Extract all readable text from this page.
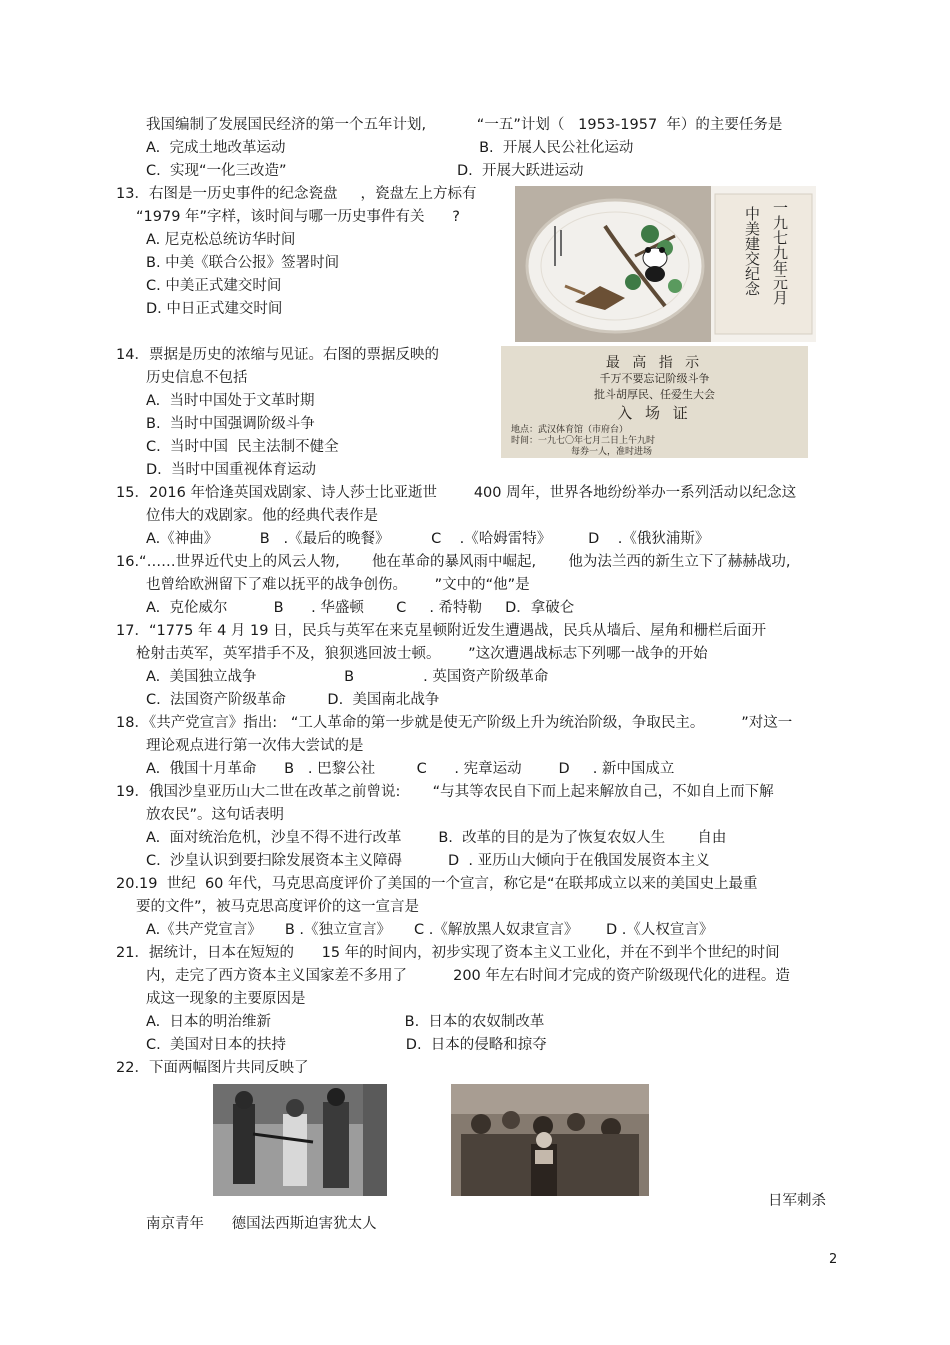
我国编制了发展国民经济的第一个五年计划,           “一五”计划（   1953-1957  年）的主要任务是
A.  完成土地改革运动                                          B.  开展人民公社化运动
C.  实现“一化三改造”                                     D.  开展大跃进运动
13．右图是一历史事件的纪念瓷盘     ，瓷盘左上方标有
“1979 年”字样，该时间与哪一历史事件有关      ?
A. 尼克松总统访华时间
B. 中美《联合公报》签署时间
C. 中美正式建交时间
D. 中日正式建交时间
14．票据是历史的浓缩与见证。右图的票据反映的
历史信息不包括
A.  当时中国处于文革时期
B.  当时中国强调阶级斗争
C.  当时中国  民主法制不健全
D.  当时中国重视体育运动
15．2016 年恰逢英国戏剧家、诗人莎士比亚逝世        400 周年，世界各地纷纷举办一系列活动以纪念这
位伟大的戏剧家。他的经典代表作是
A.《神曲》         B   .《最后的晚餐》         C    .《哈姆雷特》        D    .《俄狄浦斯》
16.“……世界近代史上的风云人物,       他在革命的暴风雨中崛起,       他为法兰西的新生立下了赫赫战功,
也曾给欧洲留下了难以抚平的战争创伤。      ”文中的“他”是
A.  克伦威尔          B      . 华盛顿       C     . 希特勒     D．拿破仑
17．“1775 年 4 月 19 日，民兵与英军在来克星顿附近发生遭遇战，民兵从墙后、屋角和栅栏后面开
枪射击英军，英军措手不及，狼狈逃回波士顿。      ”这次遭遇战标志下列哪一战争的开始
A.  美国独立战争                   B               . 英国资产阶级革命
C.  法国资产阶级革命         D.  美国南北战争
18．《共产党宣言》指出:   “工人革命的第一步就是使无产阶级上升为统治阶级，争取民主。        ”对这一
理论观点进行第一次伟大尝试的是
A.  俄国十月革命      B   . 巴黎公社         C      . 宪章运动        D     . 新中国成立
19．俄国沙皇亚历山大二世在改革之前曾说:       “与其等农民自下而上起来解放自己，不如自上而下解
放农民”。这句话表明
A.  面对统治危机，沙皇不得不进行改革        B.  改革的目的是为了恢复农奴人生       自由
C.  沙皇认识到要扫除发展资本主义障碍          D  . 亚历山大倾向于在俄国发展资本主义
20.19  世纪  60 年代，马克思高度评价了美国的一个宣言，称它是“在联邦成立以来的美国史上最重
要的文件”，被马克思高度评价的这一宣言是
A.《共产党宣言》     B .《独立宣言》     C .《解放黑人奴隶宣言》      D .《人权宣言》
21．据统计，日本在短短的      15 年的时间内，初步实现了资本主义工业化，并在不到半个世纪的时间
内，走完了西方资本主义国家差不多用了          200 年左右时间才完成的资产阶级现代化的进程。造
成这一现象的主要原因是
A.  日本的明治维新                             B.  日本的农奴制改革
C.  美国对日本的扶持                          D.  日本的侵略和掠夺
22．下面两幅图片共同反映了
日军刺杀
南京青年      德国法西斯迫害犹太人
一九七九年元月
中美建交纪念
最 高 指 示
千万不要忘记阶级斗争
批斗胡厚民、任爱生大会
入 场 证
地点：武汉体育馆（市府台）
时间：一九七〇年七月二日上午九时
每券一人，准时进场
2
